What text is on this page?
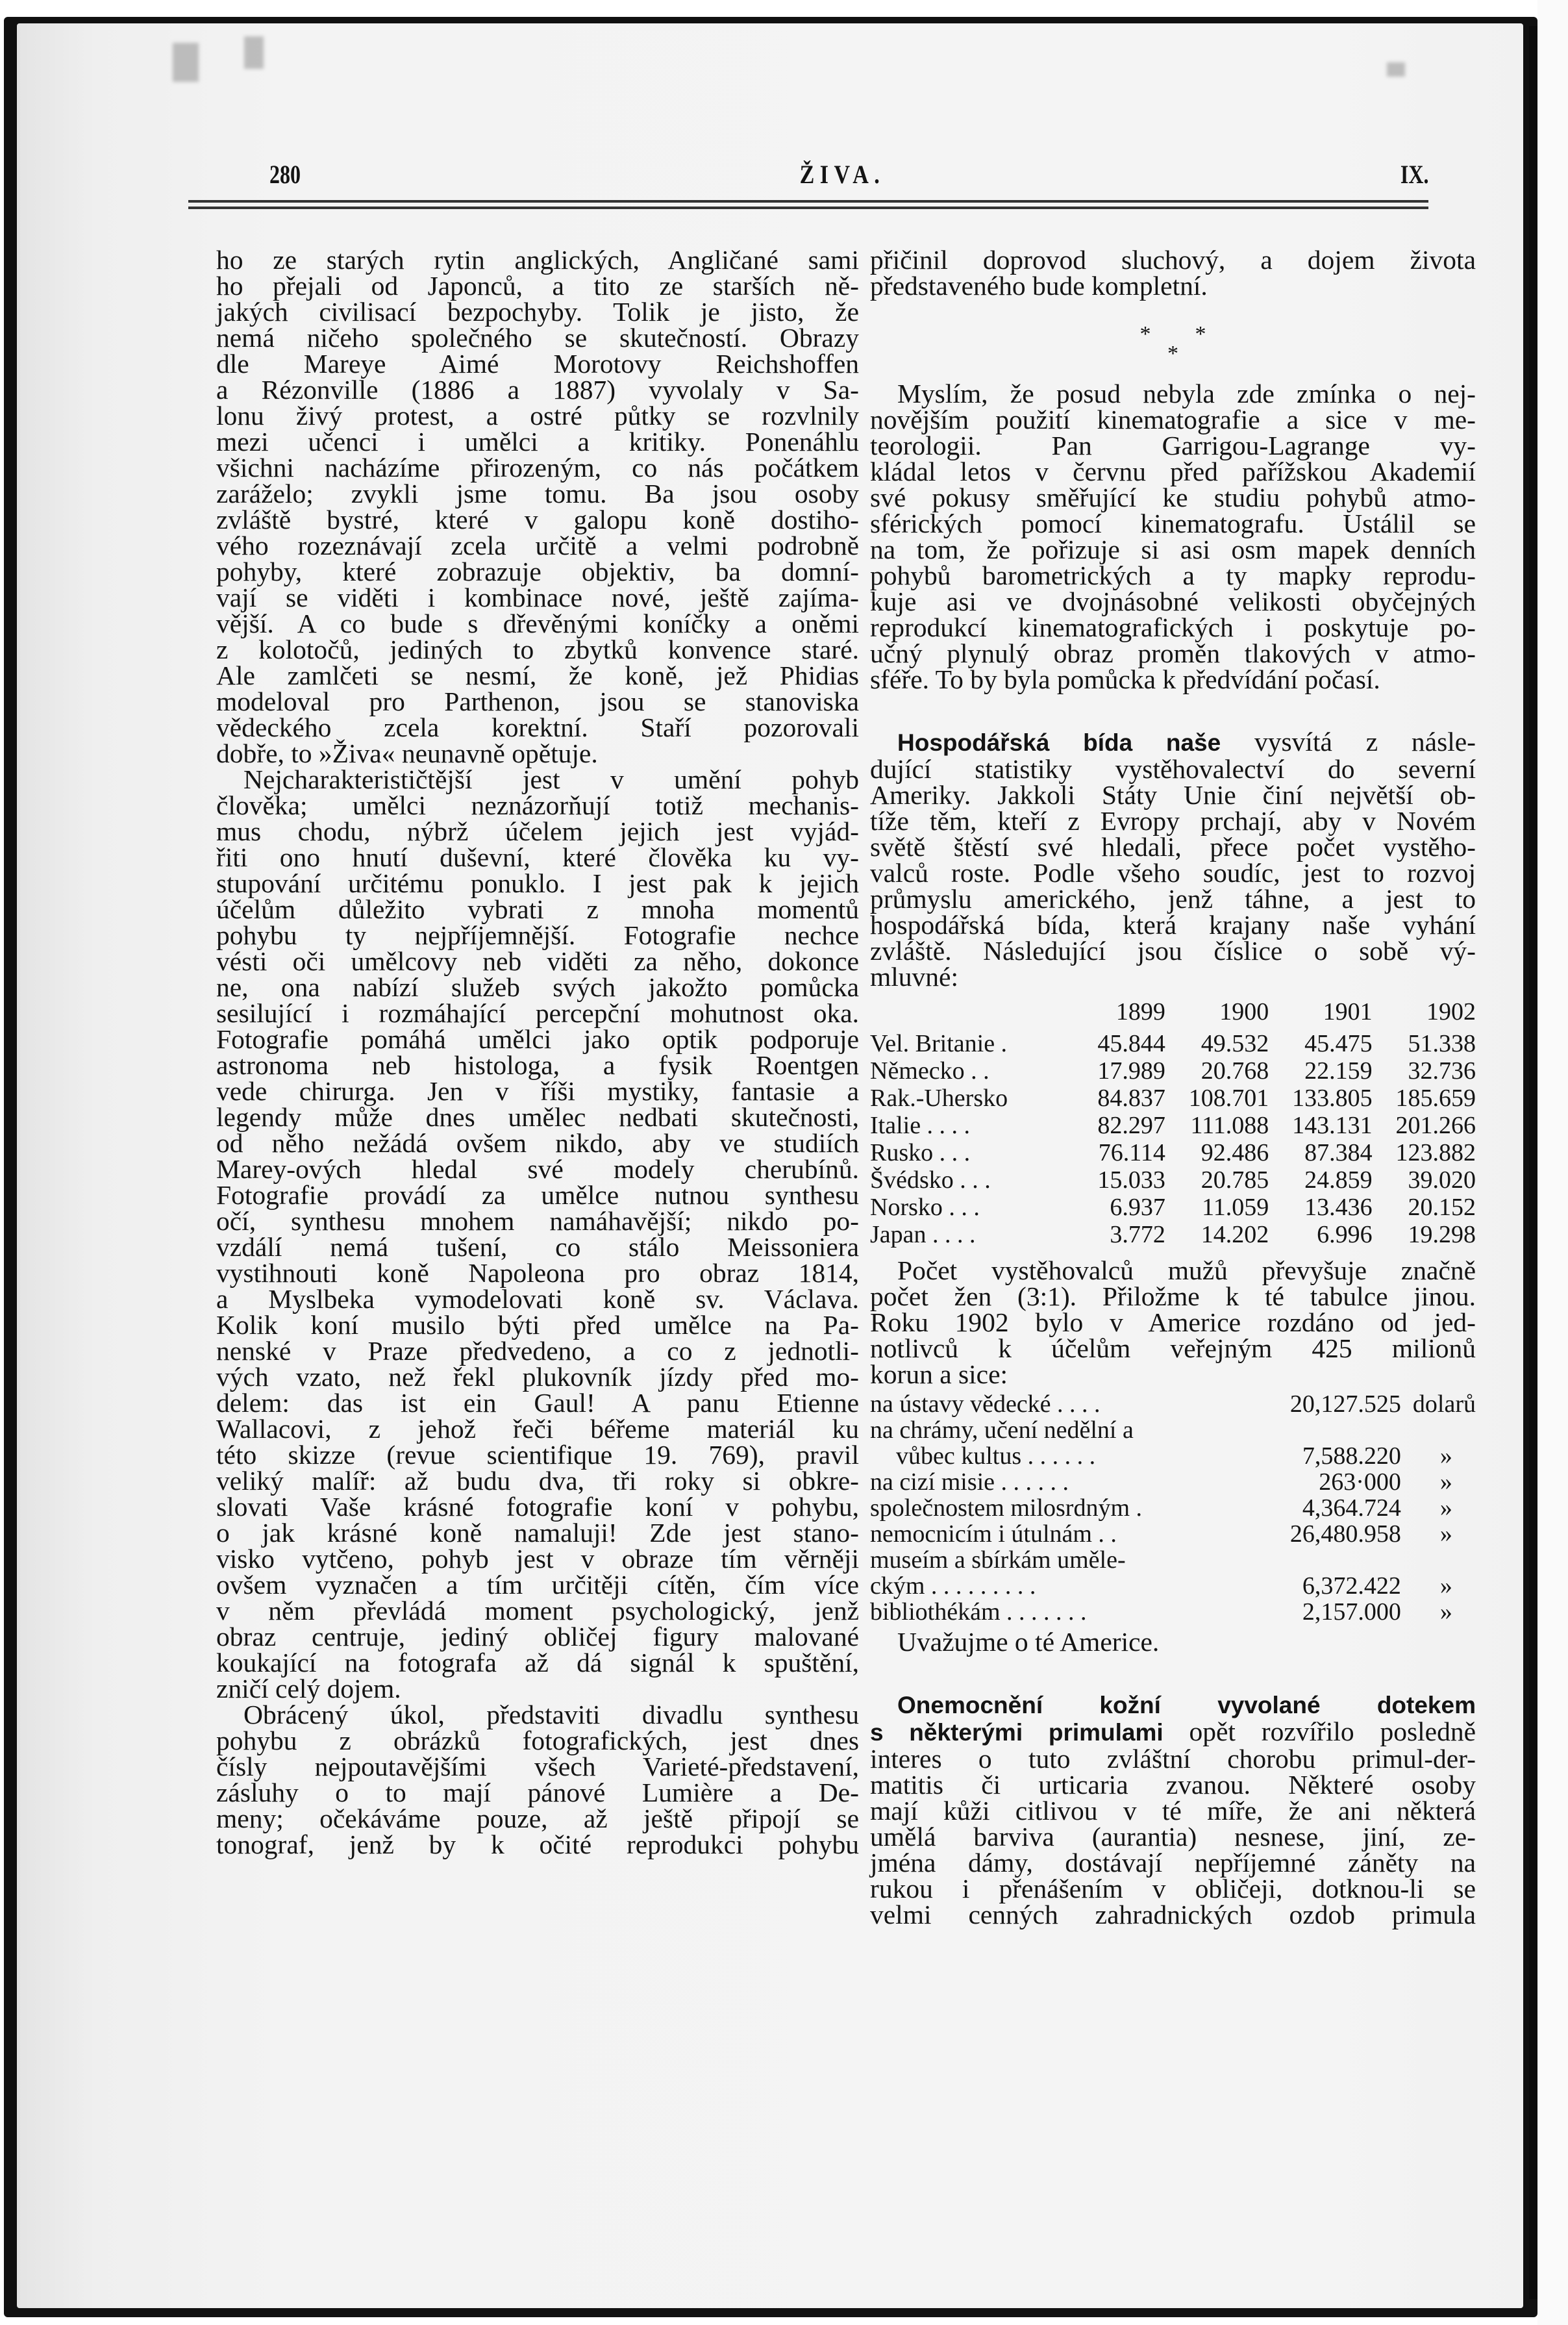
280	ŽIVA.	IX.
ho ze starých rytin anglických, Angličané sami
ho přejali od Japonců, a tito ze starších ně-
jakých civilisací bezpochyby. Tolik je jisto, že
nemá ničeho společného se skutečností. Obrazy
dle Mareye Aimé Morotovy Reichshoffen
a Rézonville (1886 a 1887) vyvolaly v Sa-
lonu živý protest, a ostré půtky se rozvlnily
mezi učenci i umělci a kritiky. Ponenáhlu
všichni nacházíme přirozeným, co nás počátkem
zaráželo; zvykli jsme tomu. Ba jsou osoby
zvláště bystré, které v galopu koně dostiho-
vého rozeznávají zcela určitě a velmi podrobně
pohyby, které zobrazuje objektiv, ba domní-
vají se viděti i kombinace nové, ještě zajíma-
vější. A co bude s dřevěnými koníčky a oněmi
z kolotočů, jediných to zbytků konvence staré.
Ale zamlčeti se nesmí, že koně, jež Phidias
modeloval pro Parthenon, jsou se stanoviska
vědeckého zcela korektní. Staří pozorovali
dobře, to »Živa« neunavně opětuje.
Nejcharakterističtější jest v umění pohyb
člověka; umělci neznázorňují totiž mechanis-
mus chodu, nýbrž účelem jejich jest vyjád-
řiti ono hnutí duševní, které člověka ku vy-
stupování určitému ponuklo. I jest pak k jejich
účelům důležito vybrati z mnoha momentů
pohybu ty nejpříjemnější. Fotografie nechce
vésti oči umělcovy neb viděti za něho, dokonce
ne, ona nabízí služeb svých jakožto pomůcka
sesilující i rozmáhající percepční mohutnost oka.
Fotografie pomáhá umělci jako optik podporuje
astronoma neb histologa, a fysik Roentgen
vede chirurga. Jen v říši mystiky, fantasie a
legendy může dnes umělec nedbati skutečnosti,
od něho nežádá ovšem nikdo, aby ve studiích
Marey-ových hledal své modely cherubínů.
Fotografie provádí za umělce nutnou synthesu
očí, synthesu mnohem namáhavější; nikdo po-
vzdálí nemá tušení, co stálo Meissoniera
vystihnouti koně Napoleona pro obraz 1814,
a Myslbeka vymodelovati koně sv. Václava.
Kolik koní musilo býti před umělce na Pa-
nenské v Praze předvedeno, a co z jednotli-
vých vzato, než řekl plukovník jízdy před mo-
delem: das ist ein Gaul! A panu Etienne
Wallacovi, z jehož řeči béřeme materiál ku
této skizze (revue scientifique 19. 769), pravil
veliký malíř: až budu dva, tři roky si obkre-
slovati Vaše krásné fotografie koní v pohybu,
o jak krásné koně namaluji! Zde jest stano-
visko vytčeno, pohyb jest v obraze tím věrněji
ovšem vyznačen a tím určitěji cítěn, čím více
v něm převládá moment psychologický, jenž
obraz centruje, jediný obličej figury malované
koukající na fotografa až dá signál k spuštění,
zničí celý dojem.
Obrácený úkol, představiti divadlu synthesu
pohybu z obrázků fotografických, jest dnes
čísly nejpoutavějšími všech Varieté-představení,
zásluhy o to mají pánové Lumière a De-
meny; očekáváme pouze, až ještě připojí se
tonograf, jenž by k očité reprodukci pohybu
přičinil doprovod sluchový, a dojem života
představeného bude kompletní.
* *
*
Myslím, že posud nebyla zde zmínka o nej-
novějším použití kinematografie a sice v me-
teorologii. Pan Garrigou-Lagrange vy-
kládal letos v červnu před pařížskou Akademií
své pokusy směřující ke studiu pohybů atmo-
sférických pomocí kinematografu. Ustálil se
na tom, že pořizuje si asi osm mapek denních
pohybů barometrických a ty mapky reprodu-
kuje asi ve dvojnásobné velikosti obyčejných
reprodukcí kinematografických i poskytuje po-
učný plynulý obraz proměn tlakových v atmo-
sféře. To by byla pomůcka k předvídání počasí.
Hospodářská bída naše vysvítá z násle-
dující statistiky vystěhovalectví do severní
Ameriky. Jakkoli Státy Unie činí největší ob-
tíže těm, kteří z Evropy prchají, aby v Novém
světě štěstí své hledali, přece počet vystěho-
valců roste. Podle všeho soudíc, jest to rozvoj
průmyslu amerického, jenž táhne, a jest to
hospodářská bída, která krajany naše vyhání
zvláště. Následující jsou číslice o sobě vý-
mluvné:
	1899	1900	1901	1902
Vel. Britanie .	45.844	49.532	45.475	51.338
Německo . .	17.989	20.768	22.159	32.736
Rak.-Uhersko	84.837	108.701	133.805	185.659
Italie . . . .	82.297	111.088	143.131	201.266
Rusko . . .	76.114	92.486	87.384	123.882
Švédsko . . .	15.033	20.785	24.859	39.020
Norsko . . .	6.937	11.059	13.436	20.152
Japan . . . .	3.772	14.202	6.996	19.298
Počet vystěhovalců mužů převyšuje značně
počet žen (3:1). Přiložme k té tabulce jinou.
Roku 1902 bylo v Americe rozdáno od jed-
notlivců k účelům veřejným 425 milionů
korun a sice:
na ústavy vědecké . . . .	20,127.525	dolarů
na chrámy, učení nedělní a		
vůbec kultus . . . . . .	7,588.220	»
na cizí misie . . . . . .	263·000	»
společnostem milosrdným .	4,364.724	»
nemocnicím i útulnám . .	26,480.958	»
museím a sbírkám uměle-		
ckým . . . . . . . . .	6,372.422	»
bibliothékám . . . . . . .	2,157.000	»
Uvažujme o té Americe.
Onemocnění kožní vyvolané dotekem
s některými primulami opět rozvířilo posledně
interes o tuto zvláštní chorobu primul-der-
matitis či urticaria zvanou. Některé osoby
mají kůži citlivou v té míře, že ani některá
umělá barviva (aurantia) nesnese, jiní, ze-
jména dámy, dostávají nepříjemné záněty na
rukou i přenášením v obličeji, dotknou-li se
velmi cenných zahradnických ozdob primula
